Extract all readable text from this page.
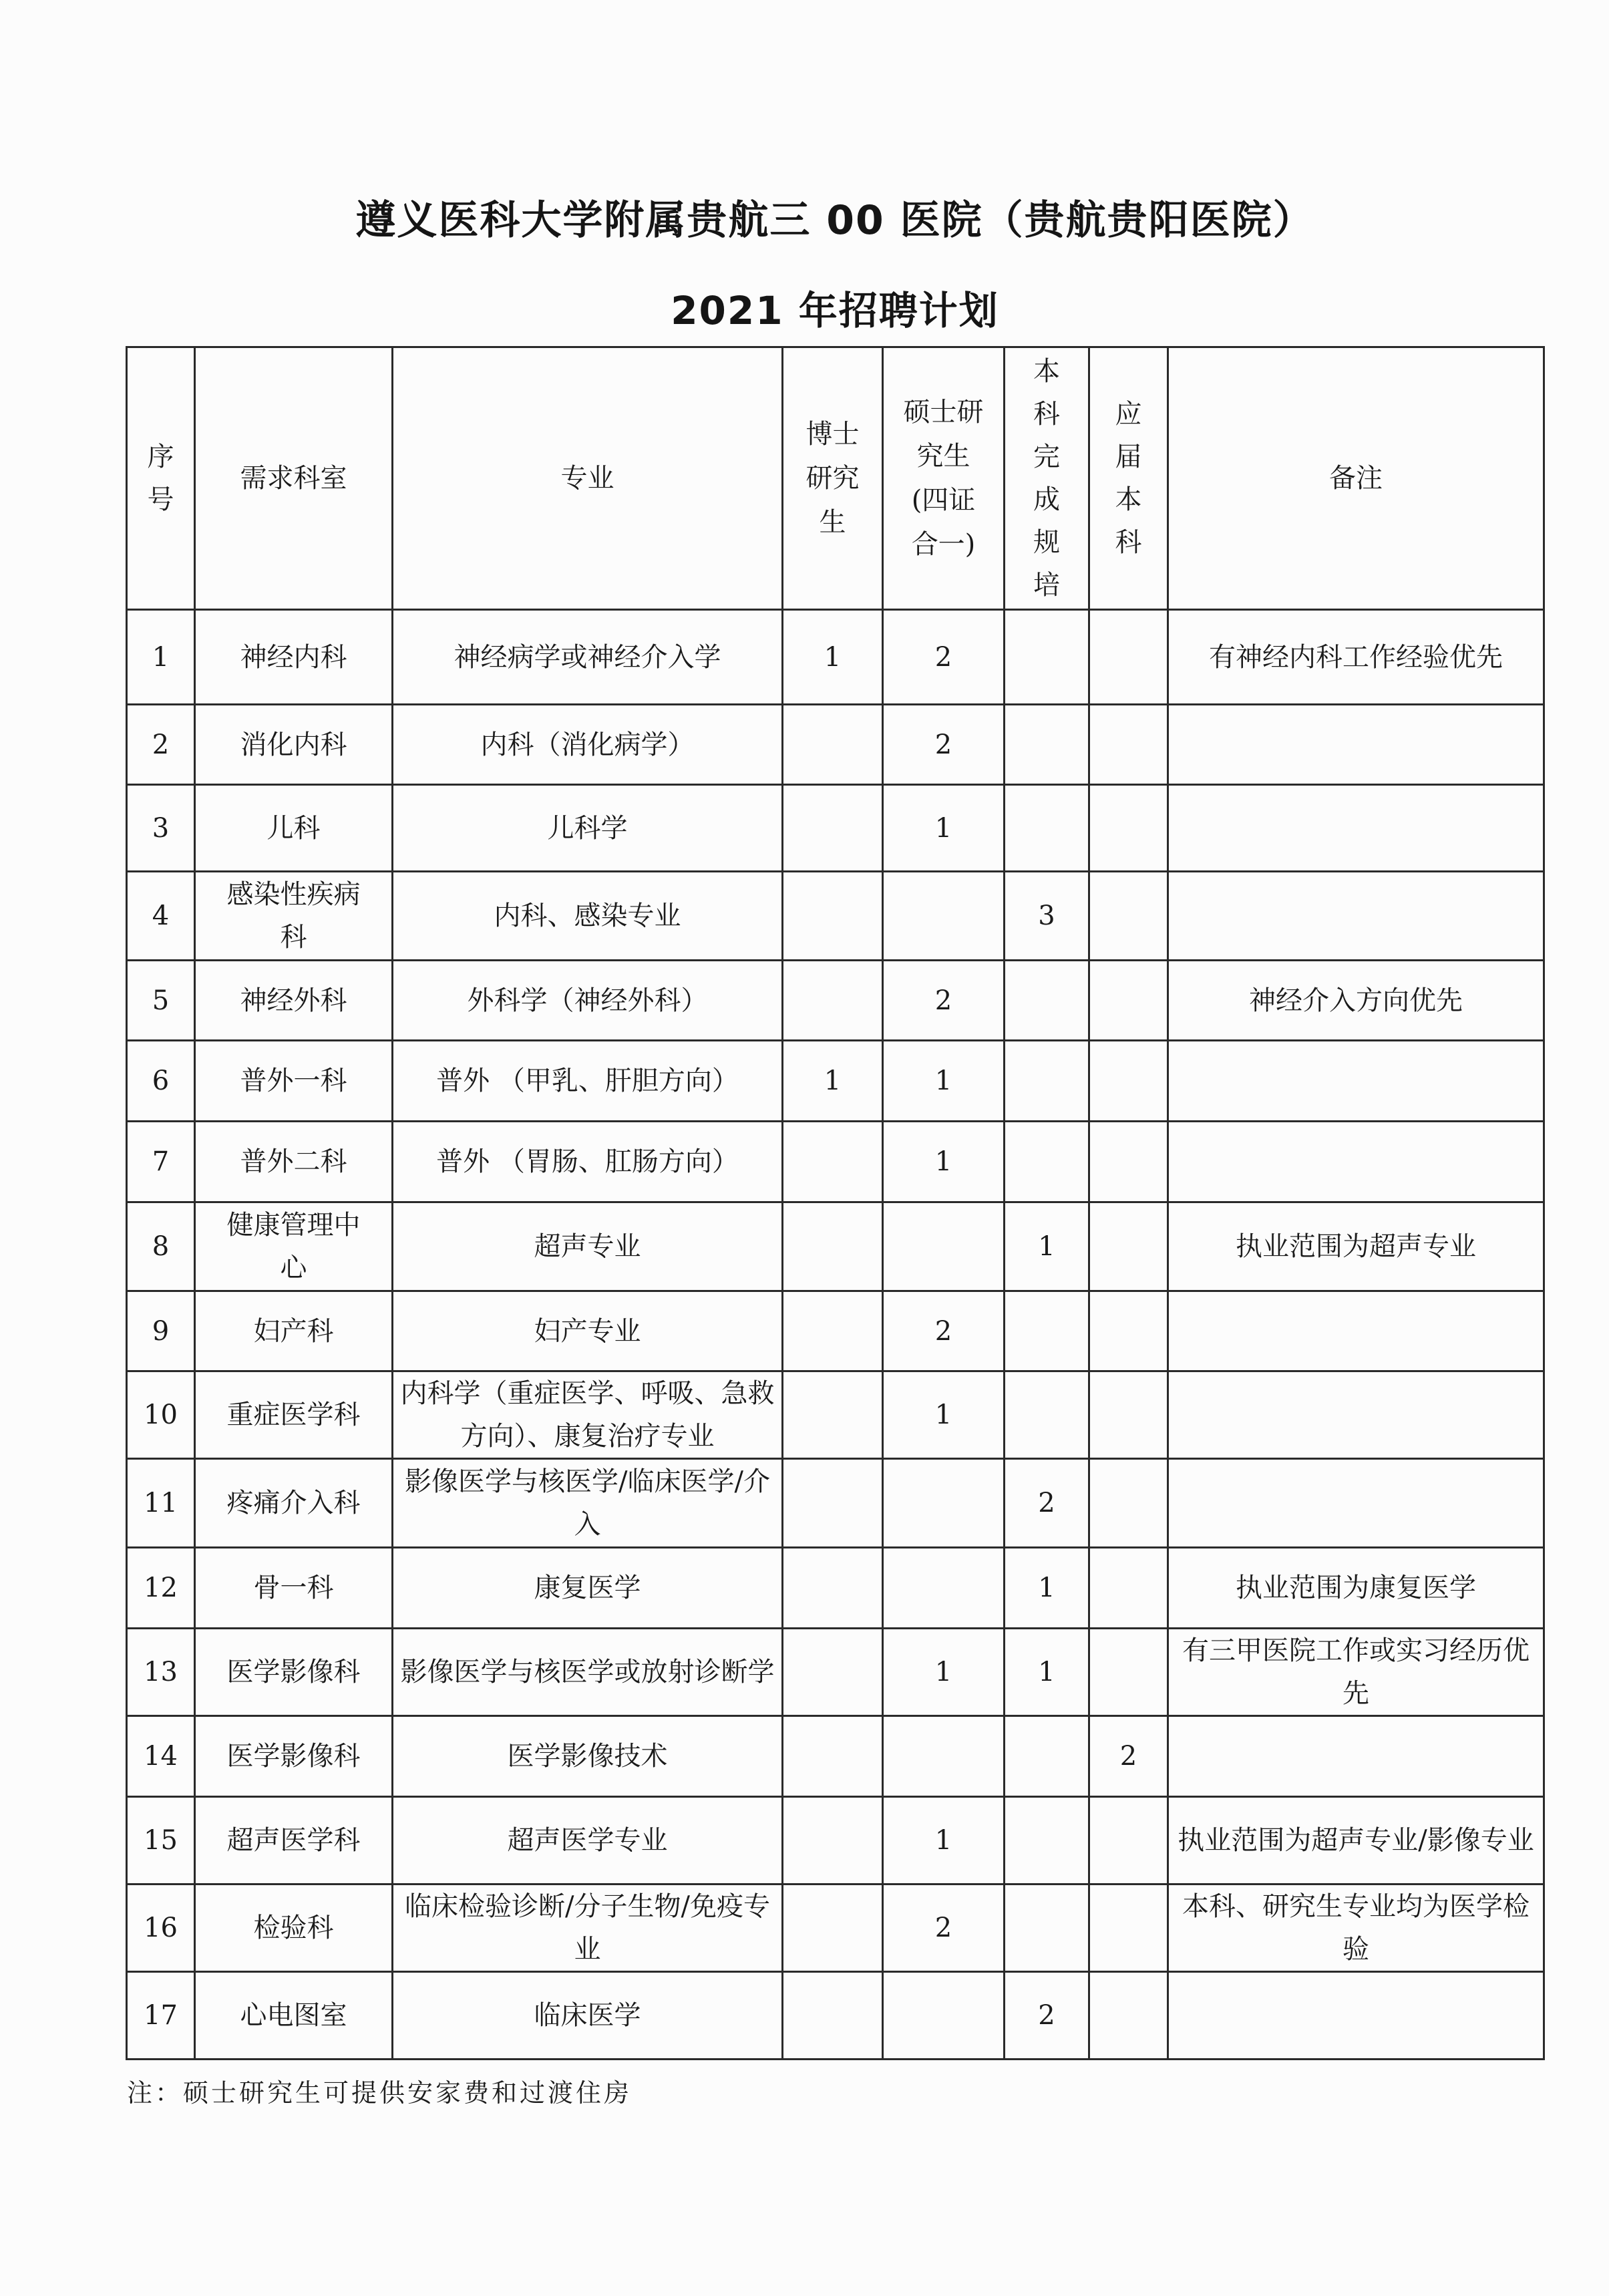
遵义医科大学附属贵航三 00 医院（贵航贵阳医院）
2021 年招聘计划
序号	需求科室	专业	博士研究生	硕士研究生(四证合一)	本科完成规培	应届本科	备注
1	神经内科	神经病学或神经介入学	1	2			有神经内科工作经验优先
2	消化内科	内科（消化病学）		2			
3	儿科	儿科学		1			
4	感染性疾病科	内科、感染专业			3		
5	神经外科	外科学（神经外科）		2			神经介入方向优先
6	普外一科	普外 （甲乳、肝胆方向）	1	1			
7	普外二科	普外 （胃肠、肛肠方向）		1			
8	健康管理中心	超声专业			1		执业范围为超声专业
9	妇产科	妇产专业		2			
10	重症医学科	内科学（重症医学、呼吸、急救方向）、康复治疗专业		1			
11	疼痛介入科	影像医学与核医学/临床医学/介入			2		
12	骨一科	康复医学			1		执业范围为康复医学
13	医学影像科	影像医学与核医学或放射诊断学		1	1		有三甲医院工作或实习经历优先
14	医学影像科	医学影像技术				2	
15	超声医学科	超声医学专业		1			执业范围为超声专业/影像专业
16	检验科	临床检验诊断/分子生物/免疫专业		2			本科、研究生专业均为医学检验
17	心电图室	临床医学			2		
注：硕士研究生可提供安家费和过渡住房
